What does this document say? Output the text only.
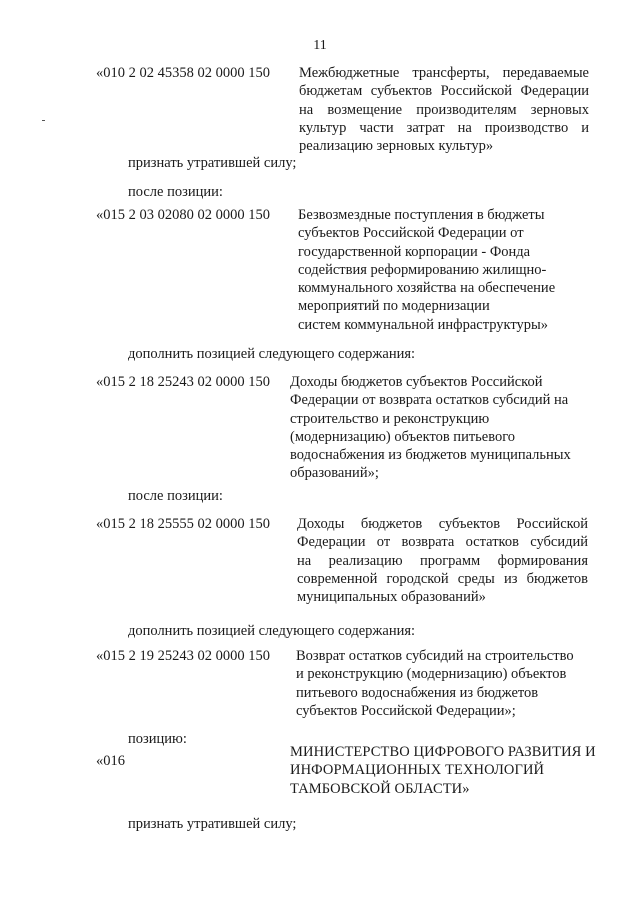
11
«010 2 02 45358 02 0000 150 Межбюджетные трансферты, передаваемые
бюджетам субъектов Российской Федерации
на возмещение производителям зерновых
культур части затрат на производство и
реализацию зерновых культур»
признать утратившей силу;
после позиции:
«015 2 03 02080 02 0000 150 Безвозмездные поступления в бюджеты
субъектов Российской Федерации от
государственной корпорации - Фонда
содействия реформированию жилищно-
коммунального хозяйства на обеспечение
мероприятий по модернизации
систем коммунальной инфраструктуры»
дополнить позицией следующего содержания:
«015 2 18 25243 02 0000 150 Доходы бюджетов субъектов Российской
Федерации от возврата остатков субсидий на
строительство и реконструкцию
(модернизацию) объектов питьевого
водоснабжения из бюджетов муниципальных
образований»;
после позиции:
«015 2 18 25555 02 0000 150 Доходы бюджетов субъектов Российской
Федерации от возврата остатков субсидий
на реализацию программ формирования
современной городской среды из бюджетов
муниципальных образований»
дополнить позицией следующего содержания:
«015 2 19 25243 02 0000 150 Возврат остатков субсидий на строительство
и реконструкцию (модернизацию) объектов
питьевого водоснабжения из бюджетов
субъектов Российской Федерации»;
позицию:
«016
МИНИСТЕРСТВО ЦИФРОВОГО РАЗВИТИЯ И
ИНФОРМАЦИОННЫХ ТЕХНОЛОГИЙ
ТАМБОВСКОЙ ОБЛАСТИ»
признать утратившей силу;
